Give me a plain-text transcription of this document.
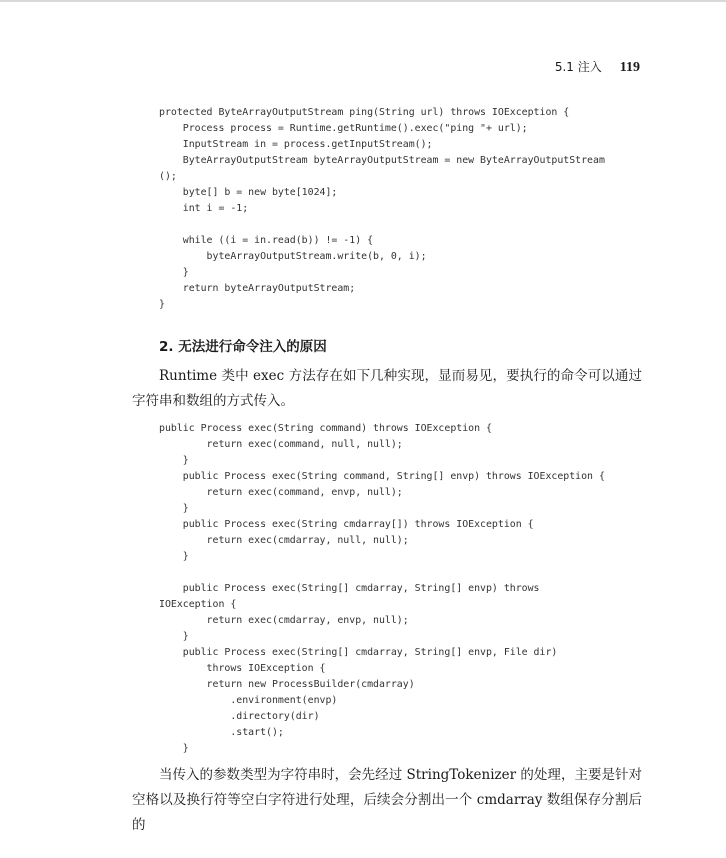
5.1 注入 119
protected ByteArrayOutputStream ping(String url) throws IOException {
Process process = Runtime.getRuntime().exec("ping "+ url);
InputStream in = process.getInputStream();
ByteArrayOutputStream byteArrayOutputStream = new ByteArrayOutputStream
();
byte[] b = new byte[1024];
int i = -1;

while ((i = in.read(b)) != -1) {
byteArrayOutputStream.write(b, 0, i);
}
return byteArrayOutputStream;
}
2. 无法进行命令注入的原因

Runtime 类中 exec 方法存在如下几种实现，显而易见，要执行的命令可以通过字符串和数组的方式传入。

public Process exec(String command) throws IOException {
return exec(command, null, null);
}
public Process exec(String command, String[] envp) throws IOException {
return exec(command, envp, null);
}
public Process exec(String cmdarray[]) throws IOException {
return exec(cmdarray, null, null);
}

public Process exec(String[] cmdarray, String[] envp) throws
IOException {
return exec(cmdarray, envp, null);
}
public Process exec(String[] cmdarray, String[] envp, File dir)
throws IOException {
return new ProcessBuilder(cmdarray)
.environment(envp)
.directory(dir)
.start();
}

当传入的参数类型为字符串时，会先经过 StringTokenizer 的处理，主要是针对空格以及换行符等空白字符进行处理，后续会分割出一个 cmdarray 数组保存分割后的
